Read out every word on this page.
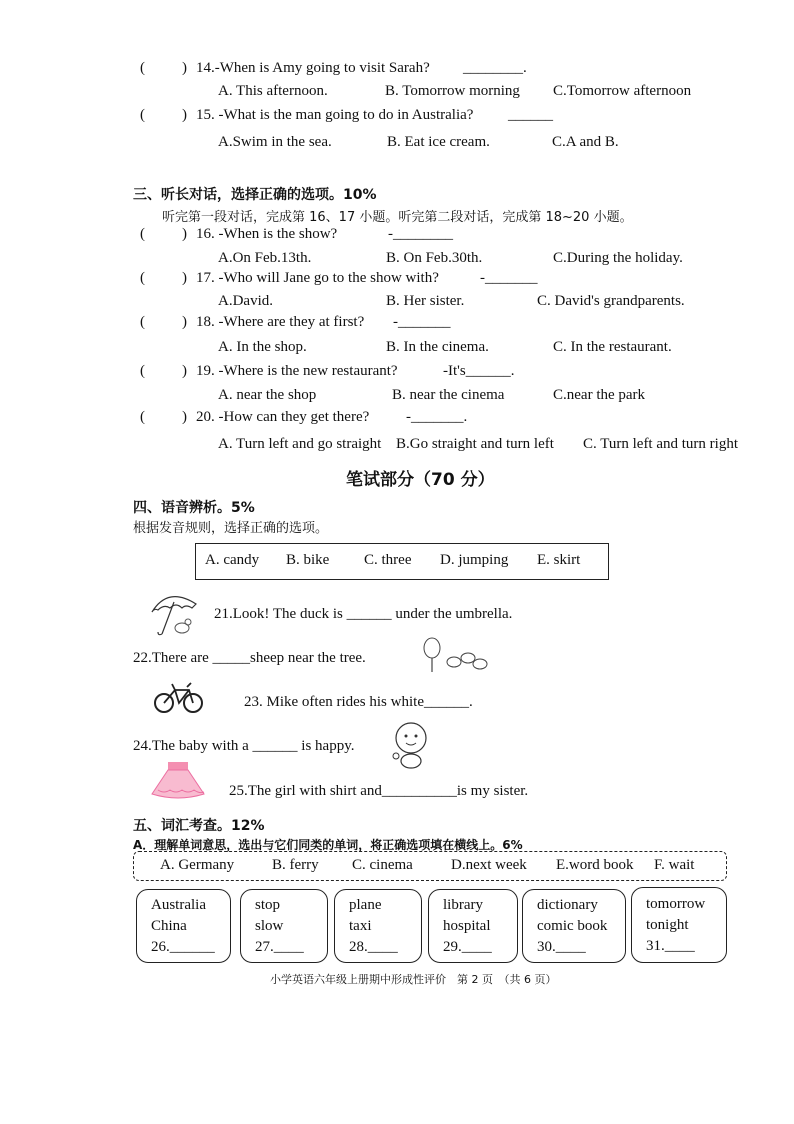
( ) 14.-When is Amy going to visit Sarah? ________.
A. This afternoon.	B. Tomorrow morning C.Tomorrow afternoon
( ) 15. -What is the man going to do in Australia? ______
A.Swim in the sea.	B. Eat ice cream.	C.A and B.
三、听长对话，选择正确的选项。10%
听完第一段对话，完成第 16、17 小题。听完第二段对话，完成第 18~20 小题。
( ) 16. -When is the show?	-________
A.On Feb.13th.	B. On Feb.30th.	C.During the holiday.
( ) 17. -Who will Jane go to the show with?	-_______
A.David.	B. Her sister.	C. David's grandparents.
( ) 18. -Where are they at first? -_______
A. In the shop.	B. In the cinema.	C. In the restaurant.
( ) 19. -Where is the new restaurant?	-It's______.
A. near the shop	B. near the cinema	C.near the park
( ) 20. -How can they get there? -_______.
A. Turn left and go straight B.Go straight and turn left C. Turn left and turn right
笔试部分（70 分）
四、语音辨析。5%
根据发音规则，选择正确的选项。
A. candy B. bike C. three D. jumping E. skirt
21.Look! The duck is ______ under the umbrella.
22.There are _____sheep near the tree.
23. Mike often rides his white______.
24.The baby with a ______ is happy.
25.The girl with shirt and__________is my sister.
五、词汇考查。12%
A．理解单词意思，选出与它们同类的单词，将正确选项填在横线上。6%
A. Germany	B. ferry C. cinema	D.next week E.word book F. wait
Australia
China
26.______
stop
slow
27.____
plane
taxi
28.____
library
hospital
29.____
dictionary
comic book
30.____
tomorrow
tonight
31.____
小学英语六年级上册期中形成性评价　第 2 页　（共 6 页）
